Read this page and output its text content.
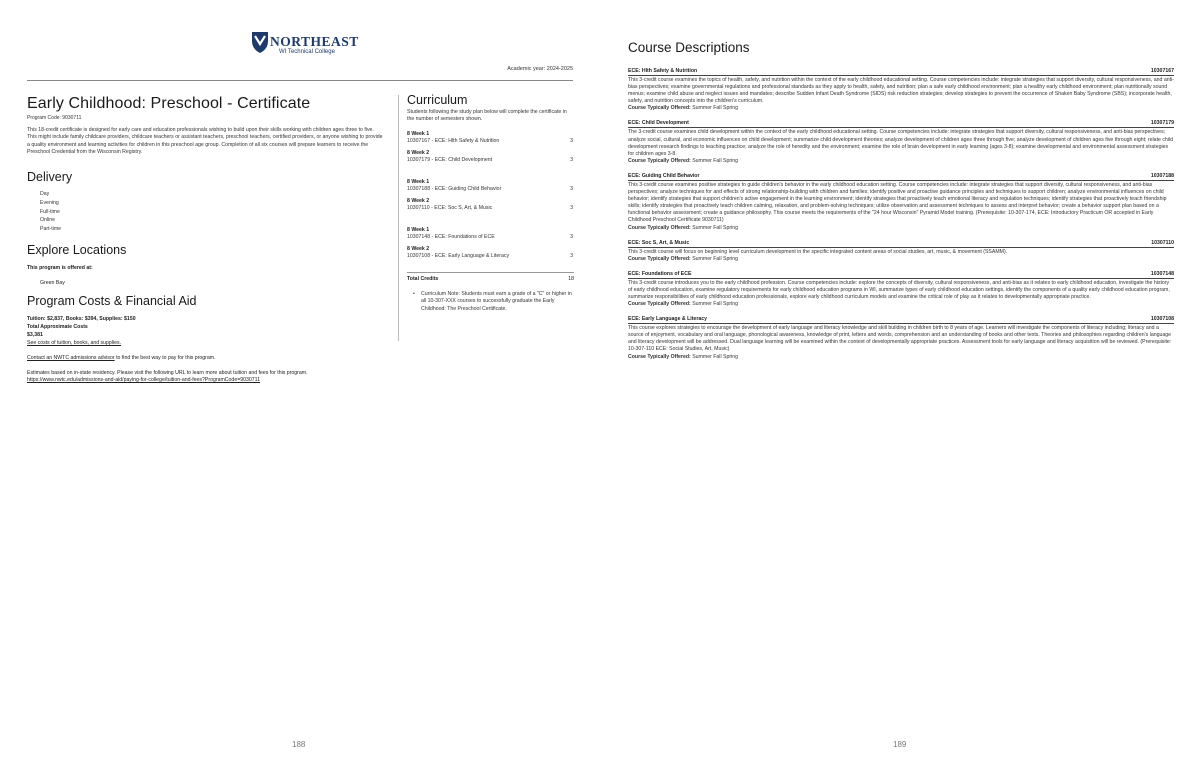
NORTHEAST
WI Technical College
Academic year: 2024-2025
Early Childhood: Preschool - Certificate
Program Code: 9030711
This 18-credit certificate is designed for early care and education professionals wishing to build upon their skills working with children ages three to five. This might include family childcare providers, childcare teachers or assistant teachers, preschool teachers, certified providers, or anyone wishing to provide a quality environment and learning activities for children in this preschool age group. Completion of all six courses will prepare learners to receive the Preschool Credential from the Wisconsin Registry.
Delivery
Day
Evening
Full-time
Online
Part-time
Explore Locations
This program is offered at:
Green Bay
Program Costs & Financial Aid
Tuition: $2,837, Books: $394, Supplies: $150
Total Approximate Costs
$3,381
See costs of tuition, books, and supplies.
Contact an NWTC admissions advisor to find the best way to pay for this program.
Estimates based on in-state residency. Please visit the following URL to learn more about tuition and fees for this program.
https://www.nwtc.edu/admissions-and-aid/paying-for-college/tuition-and-fees?ProgramCode=9030711
Curriculum
Students following the study plan below will complete the certificate in the number of semesters shown.
8 Week 1
10307167 - ECE: Hlth Safety & Nutrition	3
8 Week 2
10307179 - ECE: Child Development	3
8 Week 1
10307188 - ECE: Guiding Child Behavior	3
8 Week 2
10307110 - ECE: Soc S, Art, & Music	3
8 Week 1
10307148 - ECE: Foundations of ECE	3
8 Week 2
10307108 - ECE: Early Language & Literacy	3
Total Credits	18
• Curriculum Note: Students must earn a grade of a "C" or higher in all 10-307-XXX courses to successfully graduate the Early Childhood: The Preschool Certificate.
188
Course Descriptions
ECE: Hlth Safety & Nutrition	10307167
This 3-credit course examines the topics of health, safety, and nutrition within the context of the early childhood educational setting. Course competencies include: integrate strategies that support diversity, cultural responsiveness, and anti-bias perspectives; examine governmental regulations and professional standards as they apply to health, safety, and nutrition; plan a safe early childhood environment; plan a healthy early childhood environment; plan nutritionally sound menus; examine child abuse and neglect issues and mandates; describe Sudden Infant Death Syndrome (SIDS) risk reduction strategies; develop strategies to prevent the occurrence of Shaken Baby Syndrome (SBS); incorporate health, safety, and nutrition concepts into the children's curriculum.
Course Typically Offered: Summer Fall Spring
ECE: Child Development	10307179
The 3-credit course examines child development within the context of the early childhood educational setting. Course competencies include: integrate strategies that support diversity, cultural responsiveness, and anti-bias perspectives; analyze social, cultural, and economic influences on child development; summarize child development theories; analyze development of children ages three through five; analyze development of children ages five through eight; relate child development research findings to teaching practice; analyze the role of heredity and the environment; examine the role of brain development in early learning (ages 3-8); examine developmental and environmental assessment strategies for children ages 3-8.
Course Typically Offered: Summer Fall Spring
ECE: Guiding Child Behavior	10307188
This 3-credit course examines positive strategies to guide children's behavior in the early childhood education setting. Course competencies include: integrate strategies that support diversity, cultural responsiveness, and anti-bias perspectives; analyze techniques for and effects of strong relationship-building with children and families; identify positive and proactive guidance principles and techniques to support children; analyze environmental influences on child behavior; identify strategies that support children's active engagement in the learning environment; identify strategies that proactively teach emotional literacy and regulation techniques; identify strategies that proactively teach friendship skills; identify strategies that proactively teach children calming, relaxation, and problem-solving techniques; utilize observation and assessment techniques to assess and interpret behavior; create a behavior support plan based on a functional behavior assessment; create a guidance philosophy. This course meets the requirements of the "24 hour Wisconsin" Pyramid Model training. (Prerequisite: 10-307-174, ECE: Introductory Practicum OR accepted in Early Childhood Preschool Certificate 9030711)
Course Typically Offered: Summer Fall Spring
ECE: Soc S, Art, & Music	10307110
This 3-credit course will focus on beginning level curriculum development in the specific integrated content areas of social studies, art, music, & movement (SSAMM).
Course Typically Offered: Summer Fall Spring
ECE: Foundations of ECE	10307148
This 3-credit course introduces you to the early childhood profession. Course competencies include: explore the concepts of diversity, cultural responsiveness, and anti-bias as it relates to early childhood education, investigate the history of early childhood education, examine regulatory requirements for early childhood education programs in WI, summarize types of early childhood education settings, identify the components of a quality early childhood education program, summarize responsibilities of early childhood education professionals, explore early childhood curriculum models and examine the critical role of play as it relates to developmentally appropriate practice.
Course Typically Offered: Summer Fall Spring
ECE: Early Language & Literacy	10307108
This course explores strategies to encourage the development of early language and literacy knowledge and skill building in children birth to 8 years of age. Learners will investigate the components of literacy including; literacy and a source of enjoyment, vocabulary and oral language, phonological awareness, knowledge of print, letters and words, comprehension and an understanding of books and other texts. Theories and philosophies regarding children's language and literacy development will be addressed. Dual language learning will be examined within the context of developmentally appropriate practices. Assessment tools for early language and literacy acquisition will be reviewed. (Prerequisite: 10-307-110 ECE: Social Studies, Art, Music)
Course Typically Offered: Summer Fall Spring
189
